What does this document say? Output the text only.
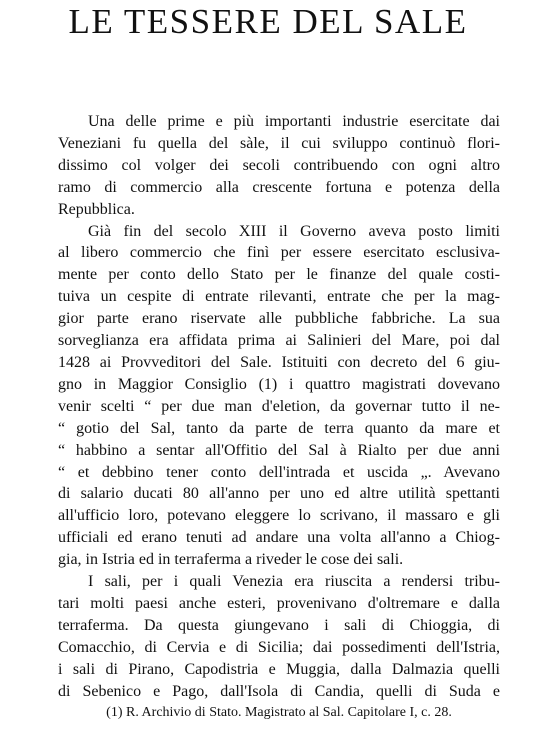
LE TESSERE DEL SALE
Una delle prime e più importanti industrie esercitate dai
Veneziani fu quella del sàle, il cui sviluppo continuò flori-
dissimo col volger dei secoli contribuendo con ogni altro
ramo di commercio alla crescente fortuna e potenza della
Repubblica.
Già fin del secolo XIII il Governo aveva posto limiti
al libero commercio che finì per essere esercitato esclusiva-
mente per conto dello Stato per le finanze del quale costi-
tuiva un cespite di entrate rilevanti, entrate che per la mag-
gior parte erano riservate alle pubbliche fabbriche. La sua
sorveglianza era affidata prima ai Salinieri del Mare, poi dal
1428 ai Provveditori del Sale. Istituiti con decreto del 6 giu-
gno in Maggior Consiglio (1) i quattro magistrati dovevano
venir scelti “ per due man d'eletion, da governar tutto il ne-
“ gotio del Sal, tanto da parte de terra quanto da mare et
“ habbino a sentar all'Offitio del Sal à Rialto per due anni
“ et debbino tener conto dell'intrada et uscida „. Avevano
di salario ducati 80 all'anno per uno ed altre utilità spettanti
all'ufficio loro, potevano eleggere lo scrivano, il massaro e gli
ufficiali ed erano tenuti ad andare una volta all'anno a Chiog-
gia, in Istria ed in terraferma a riveder le cose dei sali.
I sali, per i quali Venezia era riuscita a rendersi tribu-
tari molti paesi anche esteri, provenivano d'oltremare e dalla
terraferma. Da questa giungevano i sali di Chioggia, di
Comacchio, di Cervia e di Sicilia; dai possedimenti dell'Istria,
i sali di Pirano, Capodistria e Muggia, dalla Dalmazia quelli
di Sebenico e Pago, dall'Isola di Candia, quelli di Suda e
(1) R. Archivio di Stato. Magistrato al Sal. Capitolare I, c. 28.
